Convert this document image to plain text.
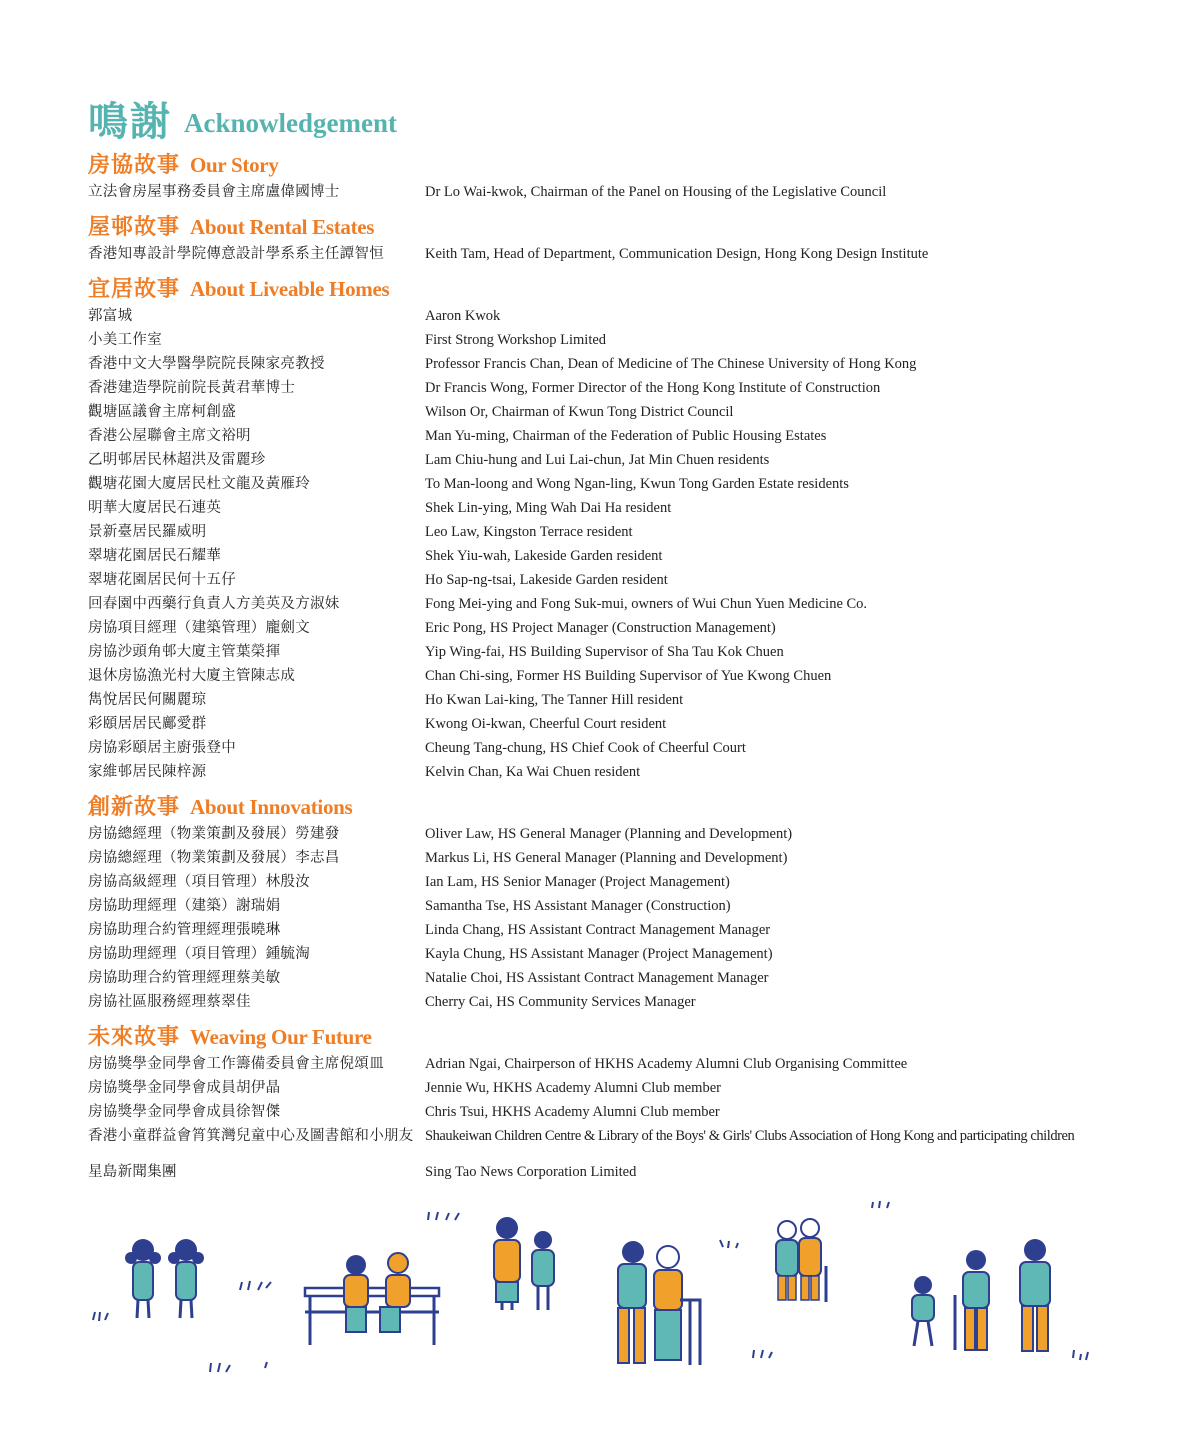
鳴謝 Acknowledgement
房協故事 Our Story
立法會房屋事務委員會主席盧偉國博士	Dr Lo Wai-kwok, Chairman of the Panel on Housing of the Legislative Council
屋邨故事 About Rental Estates
香港知專設計學院傳意設計學系系主任譚智恒	Keith Tam, Head of Department, Communication Design, Hong Kong Design Institute
宜居故事 About Liveable Homes
郭富城	Aaron Kwok
小美工作室	First Strong Workshop Limited
香港中文大學醫學院院長陳家亮教授	Professor Francis Chan, Dean of Medicine of The Chinese University of Hong Kong
香港建造學院前院長黃君華博士	Dr Francis Wong, Former Director of the Hong Kong Institute of Construction
觀塘區議會主席柯創盛	Wilson Or, Chairman of Kwun Tong District Council
香港公屋聯會主席文裕明	Man Yu-ming, Chairman of the Federation of Public Housing Estates
乙明邨居民林超洪及雷麗珍	Lam Chiu-hung and Lui Lai-chun, Jat Min Chuen residents
觀塘花園大廈居民杜文龍及黃雁玲	To Man-loong and Wong Ngan-ling, Kwun Tong Garden Estate residents
明華大廈居民石連英	Shek Lin-ying, Ming Wah Dai Ha resident
景新臺居民羅威明	Leo Law, Kingston Terrace resident
翠塘花園居民石耀華	Shek Yiu-wah, Lakeside Garden resident
翠塘花園居民何十五仔	Ho Sap-ng-tsai, Lakeside Garden resident
回春園中西藥行負責人方美英及方淑妹	Fong Mei-ying and Fong Suk-mui, owners of Wui Chun Yuen Medicine Co.
房協項目經理（建築管理）龐劍文	Eric Pong, HS Project Manager (Construction Management)
房協沙頭角邨大廈主管葉榮揮	Yip Wing-fai, HS Building Supervisor of Sha Tau Kok Chuen
退休房協漁光村大廈主管陳志成	Chan Chi-sing, Former HS Building Supervisor of Yue Kwong Chuen
雋悅居民何關麗琼	Ho Kwan Lai-king, The Tanner Hill resident
彩頤居居民鄺愛群	Kwong Oi-kwan, Cheerful Court resident
房協彩頤居主廚張登中	Cheung Tang-chung, HS Chief Cook of Cheerful Court
家維邨居民陳梓源	Kelvin Chan, Ka Wai Chuen resident
創新故事 About Innovations
房協總經理（物業策劃及發展）勞建發	Oliver Law, HS General Manager (Planning and Development)
房協總經理（物業策劃及發展）李志昌	Markus Li, HS General Manager (Planning and Development)
房協高級經理（項目管理）林殷汝	Ian Lam, HS Senior Manager (Project Management)
房協助理經理（建築）謝瑞娟	Samantha Tse, HS Assistant Manager (Construction)
房協助理合約管理經理張曉琳	Linda Chang, HS Assistant Contract Management Manager
房協助理經理（項目管理）鍾毓淘	Kayla Chung, HS Assistant Manager (Project Management)
房協助理合約管理經理蔡美敏	Natalie Choi, HS Assistant Contract Management Manager
房協社區服務經理蔡翠佳	Cherry Cai, HS Community Services Manager
未來故事 Weaving Our Future
房協獎學金同學會工作籌備委員會主席倪頌皿	Adrian Ngai, Chairperson of HKHS Academy Alumni Club Organising Committee
房協獎學金同學會成員胡伊晶	Jennie Wu, HKHS Academy Alumni Club member
房協獎學金同學會成員徐智傑	Chris Tsui, HKHS Academy Alumni Club member
香港小童群益會筲箕灣兒童中心及圖書館和小朋友 Shaukeiwan Children Centre & Library of the Boys' & Girls' Clubs Association of Hong Kong and participating children
星島新聞集團	Sing Tao News Corporation Limited
